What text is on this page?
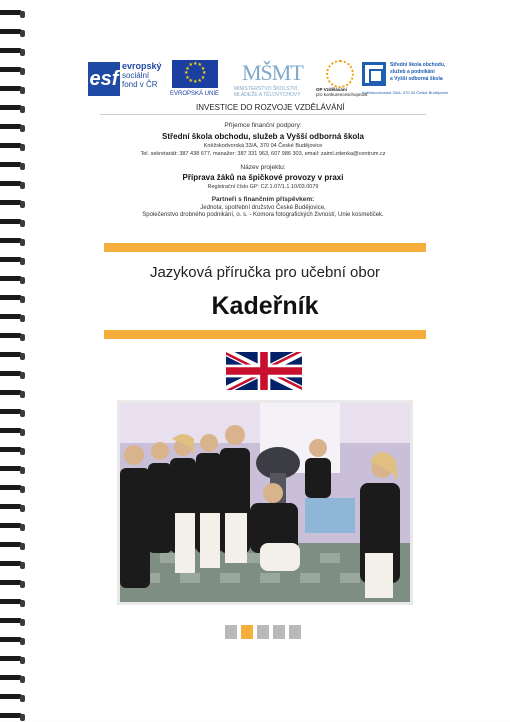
esf
evropský
sociální
fond v ČR
★
★
★
★
★
★
★
★
★ ★ ★
★
EVROPSKÁ UNIE
MŠMT
MINISTERSTVO ŠKOLSTVÍ,
MLÁDEŽE A TĚLOVÝCHOVY
OP Vzdělávání
pro konkurenceschopnost
Střední škola obchodu,
služeb a podnikání
a Vyšší odborná škola
Kněžskodvorská 33/A, 370 04 České Budějovice
INVESTICE DO ROZVOJE VZDĚLÁVÁNÍ
Příjemce finanční podpory:
Střední škola obchodu, služeb a Vyšší odborná škola
Kněžskodvorská 33/A, 370 04 České Budějovice
Tel. sekretariát: 387 438 677, manažer: 387 331 963, 607 986 303, email: zaiml.zdenka@centrum.cz
Název projektu:
Příprava žáků na špičkové provozy v praxi
Registrační číslo GP: CZ.1.07/1.1.10/03.0079
Partneři s finančním příspěvkem:
Jednota, spotřební družstvo České Budějovice,
Společenstvo drobného podnikání, o. s. - Komora fotografických živností, Unie kosmetiček.
Jazyková příručka pro učební obor
Kadeřník
